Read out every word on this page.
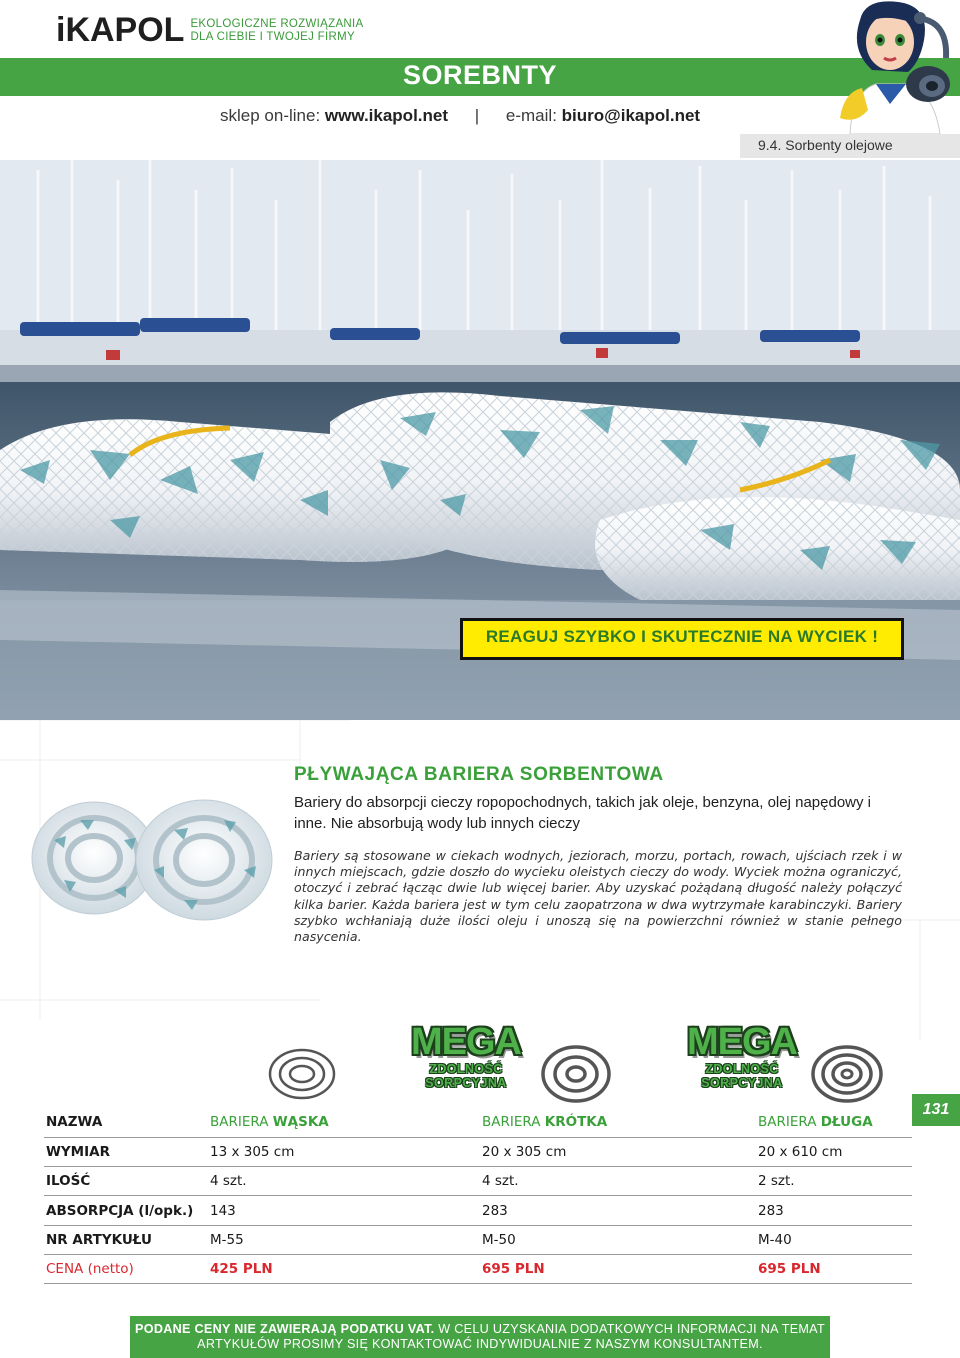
iKAPOL EKOLOGICZNE ROZWIĄZANIA
DLA CIEBIE I TWOJEJ FIRMY
SOREBNTY
sklep on-line: www.ikapol.net | e-mail: biuro@ikapol.net
9.4. Sorbenty olejowe
REAGUJ SZYBKO I SKUTECZNIE NA WYCIEK !
PŁYWAJĄCA BARIERA SORBENTOWA
Bariery do absorpcji cieczy ropopochodnych, takich jak oleje, benzyna, olej napędowy i inne. Nie absorbują wody lub innych cieczy
Bariery są stosowane w ciekach wodnych, jeziorach, morzu, portach, rowach, ujściach rzek i w innych miejscach, gdzie doszło do wycieku oleistych cieczy do wody. Wyciek można ograniczyć, otoczyć i zebrać łącząc dwie lub więcej barier. Aby uzyskać pożądaną długość należy połączyć kilka barier. Każda bariera jest w tym celu zaopatrzona w dwa wytrzymałe karabinczyki. Bariery szybko wchłaniają duże ilości oleju i unoszą się na powierzchni również w stanie pełnego nasycenia.
MEGA
ZDOLNOŚĆ
SORPCYJNA
MEGA
ZDOLNOŚĆ
SORPCYJNA
131
NAZWA	BARIERA WĄSKA	BARIERA KRÓTKA	BARIERA DŁUGA
WYMIAR	13 x 305 cm	20 x 305 cm	20 x 610 cm
ILOŚĆ	4 szt.	4 szt.	2 szt.
ABSORPCJA (l/opk.)	143	283	283
NR ARTYKUŁU	M-55	M-50	M-40
CENA (netto)	425 PLN	695 PLN	695 PLN
PODANE CENY NIE ZAWIERAJĄ PODATKU VAT. W CELU UZYSKANIA DODATKOWYCH INFORMACJI NA TEMAT
ARTYKUŁÓW PROSIMY SIĘ KONTAKTOWAĆ INDYWIDUALNIE Z NASZYM KONSULTANTEM.
